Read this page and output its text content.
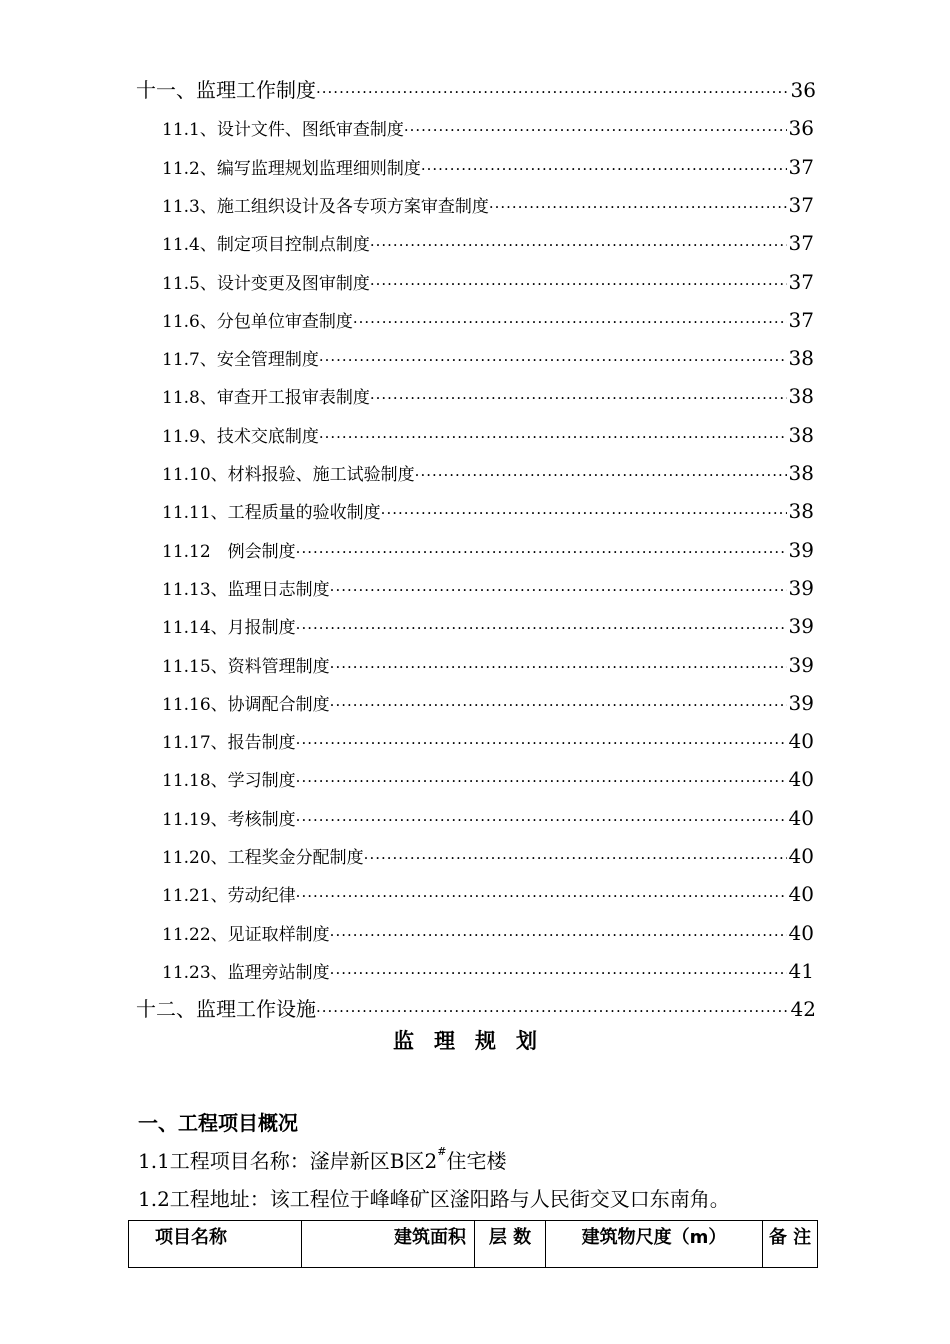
十一、监理工作制度 ·····	36
11.1、设计文件、图纸审查制度 ·····	36
11.2、编写监理规划监理细则制度 ·····	37
11.3、施工组织设计及各专项方案审查制度 ·····	37
11.4、制定项目控制点制度 ·····	37
11.5、设计变更及图审制度 ·····	37
11.6、分包单位审查制度 ·····	37
11.7、安全管理制度 ·····	38
11.8、审查开工报审表制度 ·····	38
11.9、技术交底制度 ·····	38
11.10、材料报验、施工试验制度 ·····	38
11.11、工程质量的验收制度 ·····	38
11.12　例会制度 ·····	39
11.13、监理日志制度 ·····	39
11.14、月报制度 ·····	39
11.15、资料管理制度 ·····	39
11.16、协调配合制度 ·····	39
11.17、报告制度 ·····	40
11.18、学习制度 ·····	40
11.19、考核制度 ·····	40
11.20、工程奖金分配制度 ·····	40
11.21、劳动纪律 ·····	40
11.22、见证取样制度 ·····	40
11.23、监理旁站制度 ·····	41
十二、监理工作设施 ·····	42
监理规划
一、工程项目概况
1.1工程项目名称：滏岸新区B区2#住宅楼
1.2工程地址：该工程位于峰峰矿区滏阳路与人民街交叉口东南角。
项目名称	建筑面积	层 数	建筑物尺度（m）	备 注
